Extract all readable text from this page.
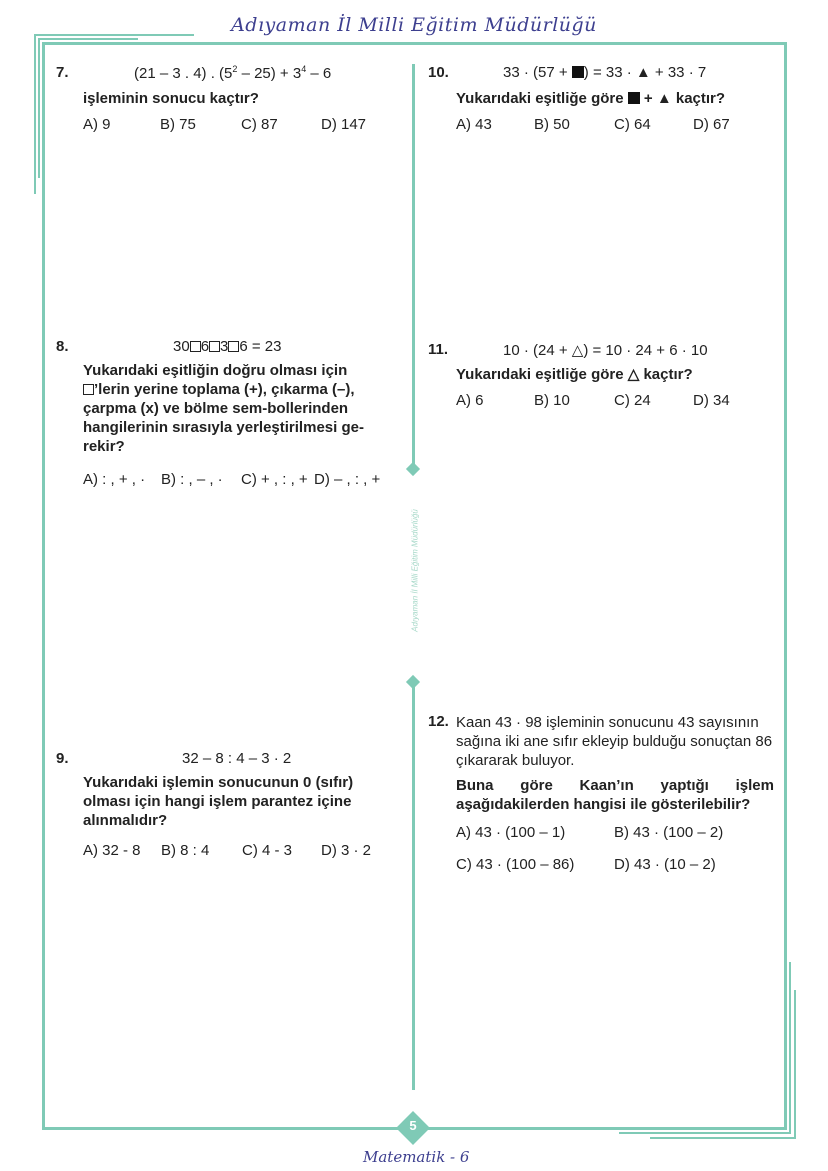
Adıyaman İl Milli Eğitim Müdürlüğü
Adıyaman İl Milli Eğitim Müdürlüğü
7.	(21 – 3 . 4) . $(5^2 - 25) + 3^4 - 6$
işleminin sonucu kaçtır?
A) 9	B) 75	C) 87	D) 147
8.	30 6 3 6 = 23
Yukarıdaki eşitliğin doğru olması için
’lerin yerine toplama (+), çıkarma (–), çarpma (x) ve bölme sem-bollerinden hangilerinin sırasıyla yerleştirilmesi ge-rekir?
A) : , + , ·	B) : , – , ·	C) + , : , + D) – , : , +
9.	32 – 8 : 4 – 3 · 2
Yukarıdaki işlemin sonucunun 0 (sıfır) olması için hangi işlem parantez içine alınmalıdır?
A) 32 - 8	B) 8 : 4	C) 4 - 3	D) 3 · 2
10.	33 · (57 + ) = 33 · ▲ + 33 · 7
Yukarıdaki eşitliğe göre  + ▲ kaçtır?
A) 43	B) 50	C) 64	D) 67
11.	10 · (24 + △) = 10 · 24 + 6 · 10
Yukarıdaki eşitliğe göre △ kaçtır?
A) 6	B) 10	C) 24	D) 34
12. Kaan 43 · 98 işleminin sonucunu 43 sayısının sağına iki ane sıfır ekleyip bulduğu sonuçtan 86 çıkararak buluyor.
Buna göre Kaan’ın yaptığı işlem aşağıdakilerden hangisi ile gösterilebilir?
A) 43 · (100 – 1)	B) 43 · (100 – 2)
C) 43 · (100 – 86)	D) 43 · (10 – 2)
5
Matematik - 6
